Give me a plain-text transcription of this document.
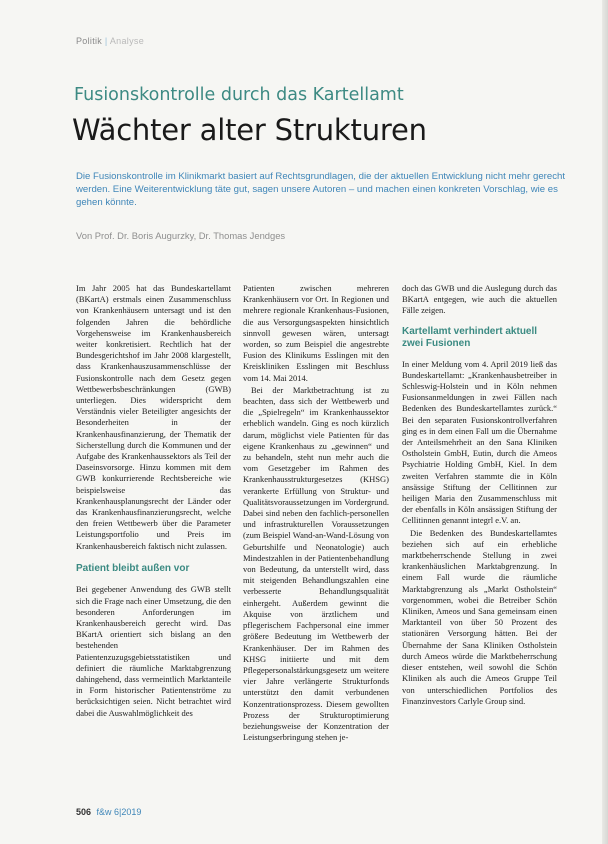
Politik | Analyse
Fusionskontrolle durch das Kartellamt
Wächter alter Strukturen
Die Fusionskontrolle im Klinikmarkt basiert auf Rechtsgrundlagen, die der aktuellen Entwicklung nicht mehr gerecht werden. Eine Weiterentwicklung täte gut, sagen unsere Autoren – und machen einen konkreten Vorschlag, wie es gehen könnte.
Von Prof. Dr. Boris Augurzky, Dr. Thomas Jendges

Im Jahr 2005 hat das Bundeskartellamt (BKartA) erstmals einen Zusammenschluss von Krankenhäusern untersagt und ist den folgenden Jahren die behördliche Vorgehensweise im Krankenhausbereich weiter konkretisiert. Rechtlich hat der Bundesgerichtshof im Jahr 2008 klargestellt, dass Krankenhauszusammenschlüsse der Fusionskontrolle nach dem Gesetz gegen Wettbewerbsbeschränkungen (GWB) unterliegen. Dies widerspricht dem Verständnis vieler Beteiligter angesichts der Besonderheiten in der Krankenhausfinanzierung, der Thematik der Sicherstellung durch die Kommunen und der Aufgabe des Krankenhaussektors als Teil der Daseinsvorsorge. Hinzu kommen mit dem GWB konkurrierende Rechtsbereiche wie beispielsweise das Krankenhausplanungsrecht der Länder oder das Krankenhausfinanzierungsrecht, welche den freien Wettbewerb über die Parameter Leistungsportfolio und Preis im Krankenhausbereich faktisch nicht zulassen.

Patient bleibt außen vor

Bei gegebener Anwendung des GWB stellt sich die Frage nach einer Umsetzung, die den besonderen Anforderungen im Krankenhausbereich gerecht wird. Das BKartA orientiert sich bislang an den bestehenden Patientenzuzugsgebietsstatistiken und definiert die räumliche Marktabgrenzung dahingehend, dass vermeintlich Marktanteile in Form historischer Patientenströme zu berücksichtigen seien. Nicht betrachtet wird dabei die Auswahlmöglichkeit des

Patienten zwischen mehreren Krankenhäusern vor Ort. In Regionen und mehrere regionale Krankenhaus-Fusionen, die aus Versorgungsaspekten hinsichtlich sinnvoll gewesen wären, untersagt worden, so zum Beispiel die angestrebte Fusion des Klinikums Esslingen mit den Kreiskliniken Esslingen mit Beschluss vom 14. Mai 2014.

Bei der Marktbetrachtung ist zu beachten, dass sich der Wettbewerb und die „Spielregeln“ im Krankenhaussektor erheblich wandeln. Ging es noch kürzlich darum, möglichst viele Patienten für das eigene Krankenhaus zu „gewinnen“ und zu behandeln, steht nun mehr auch die vom Gesetzgeber im Rahmen des Krankenhausstrukturgesetzes (KHSG) verankerte Erfüllung von Struktur- und Qualitätsvoraussetzungen im Vordergrund. Dabei sind neben den fachlich-personellen und infrastrukturellen Voraussetzungen (zum Beispiel Wand-an-Wand-Lösung von Geburtshilfe und Neonatologie) auch Mindestzahlen in der Patientenbehandlung von Bedeutung, da unterstellt wird, dass mit steigenden Behandlungszahlen eine verbesserte Behandlungsqualität einhergeht. Außerdem gewinnt die Akquise von ärztlichem und pflegerischem Fachpersonal eine immer größere Bedeutung im Wettbewerb der Krankenhäuser. Der im Rahmen des KHSG initiierte und mit dem Pflegepersonalstärkungsgesetz um weitere vier Jahre verlängerte Strukturfonds unterstützt den damit verbundenen Konzentrationsprozess. Diesem gewollten Prozess der Strukturoptimierung beziehungsweise der Konzentration der Leistungserbringung stehen je-

doch das GWB und die Auslegung durch das BKartA entgegen, wie auch die aktuellen Fälle zeigen.

Kartellamt verhindert aktuell zwei Fusionen

In einer Meldung vom 4. April 2019 ließ das Bundeskartellamt: „Krankenhausbetreiber in Schleswig-Holstein und in Köln nehmen Fusionsanmeldungen in zwei Fällen nach Bedenken des Bundeskartellamtes zurück.“ Bei den separaten Fusionskontrollverfahren ging es in dem einen Fall um die Übernahme der Anteilsmehrheit an den Sana Kliniken Ostholstein GmbH, Eutin, durch die Ameos Psychiatrie Holding GmbH, Kiel. In dem zweiten Verfahren stammte die in Köln ansässige Stiftung der Cellitinnen zur heiligen Maria den Zusammenschluss mit der ebenfalls in Köln ansässigen Stiftung der Cellitinnen genannt integrl e.V. an.

Die Bedenken des Bundeskartellamtes beziehen sich auf ein erhebliche marktbeherrschende Stellung in zwei krankenhäuslichen Marktabgrenzung. In einem Fall wurde die räumliche Marktabgrenzung als „Markt Ostholstein“ vorgenommen, wobei die Betreiber Schön Kliniken, Ameos und Sana gemeinsam einen Marktanteil von über 50 Prozent des stationären Versorgung hätten. Bei der Übernahme der Sana Kliniken Ostholstein durch Ameos würde die Marktbeherrschung dieser entstehen, weil sowohl die Schön Kliniken als auch die Ameos Gruppe Teil von unterschiedlichen Portfolios des Finanzinvestors Carlyle Group sind.

506 f&w 6|2019
